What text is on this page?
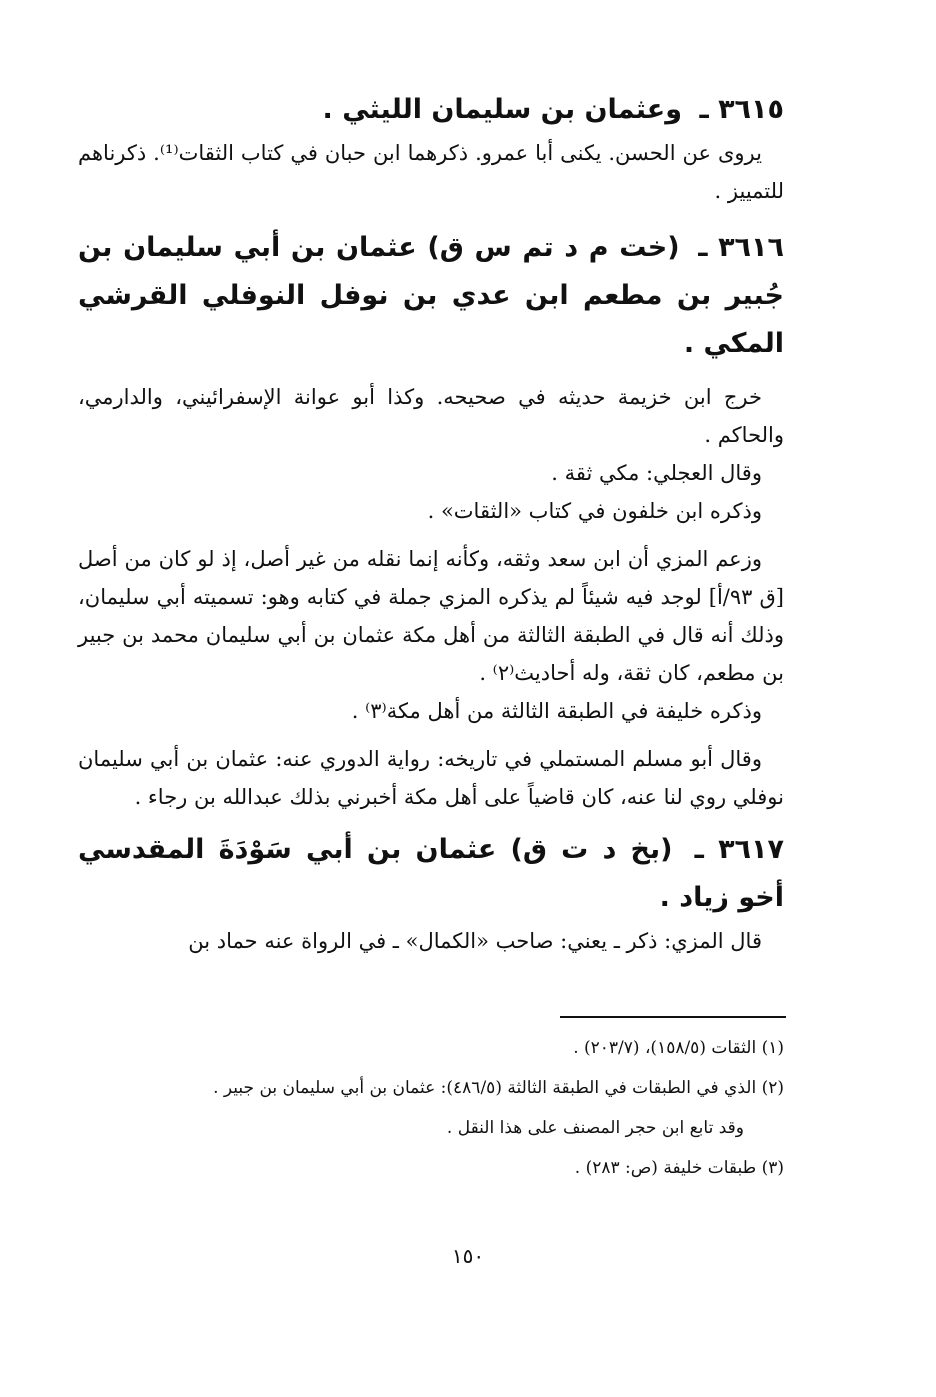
٣٦١٥ ـ وعثمان بن سليمان الليثي .

يروى عن الحسن. يكنى أبا عمرو. ذكرهما ابن حبان في كتاب الثقات⁽¹⁾. ذكرناهم للتمييز .

٣٦١٦ ـ (خت م د تم س ق) عثمان بن أبي سليمان بن جُبير بن مطعم ابن عدي بن نوفل النوفلي القرشي المكي .

خرج ابن خزيمة حديثه في صحيحه. وكذا أبو عوانة الإسفرائيني، والدارمي، والحاكم .

وقال العجلي: مكي ثقة .

وذكره ابن خلفون في كتاب «الثقات» .

وزعم المزي أن ابن سعد وثقه، وكأنه إنما نقله من غير أصل، إذ لو كان من أصل [ق ٩٣/أ] لوجد فيه شيئاً لم يذكره المزي جملة في كتابه وهو: تسميته أبي سليمان، وذلك أنه قال في الطبقة الثالثة من أهل مكة عثمان بن أبي سليمان محمد بن جبير بن مطعم، كان ثقة، وله أحاديث⁽٢⁾ .

وذكره خليفة في الطبقة الثالثة من أهل مكة⁽٣⁾ .

وقال أبو مسلم المستملي في تاريخه: رواية الدوري عنه: عثمان بن أبي سليمان نوفلي روي لنا عنه، كان قاضياً على أهل مكة أخبرني بذلك عبدالله بن رجاء .

٣٦١٧ ـ (بخ د ت ق) عثمان بن أبي سَوْدَةَ المقدسي أخو زياد .

قال المزي: ذكر ـ يعني: صاحب «الكمال» ـ في الرواة عنه حماد بن

(١) الثقات (١٥٨/٥)، (٢٠٣/٧) .

(٢) الذي في الطبقات في الطبقة الثالثة (٤٨٦/٥): عثمان بن أبي سليمان بن جبير .

وقد تابع ابن حجر المصنف على هذا النقل .

(٣) طبقات خليفة (ص: ٢٨٣) .

١٥٠
